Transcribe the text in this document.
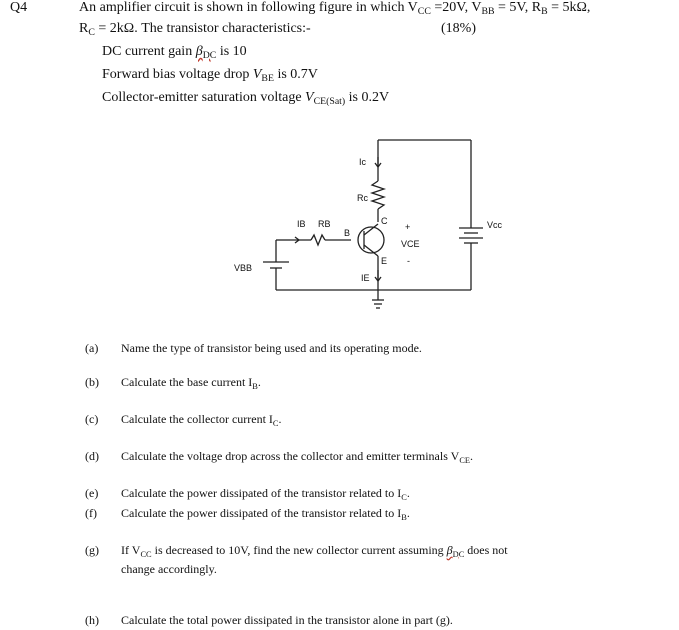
Q4	An amplifier circuit is shown in following figure in which $V_{CC} =20V$, $V_{BB} = 5V$, $R_B = 5k\Omega$,
$R_C = 2k\Omega$. The transistor characteristics:-	(18%)
DC current gain $\beta_{DC}$ is 10
Forward bias voltage drop $V_{BE}$ is 0.7V
Collector-emitter saturation voltage $V_{CE(Sat)}$ is 0.2V
Ic
Rc
IB RB
B
C
E
+
VCE
-
Vcc
VBB
IE
(a) Name the type of transistor being used and its operating mode.
(b) Calculate the base current $I_B$.
(c) Calculate the collector current $I_C$.
(d) Calculate the voltage drop across the collector and emitter terminals $V_{CE}$.
(e) Calculate the power dissipated of the transistor related to $I_C$.
(f) Calculate the power dissipated of the transistor related to $I_B$.
(g) If $V_{CC}$ is decreased to 10V, find the new collector current assuming $\beta_{DC}$ does not
change accordingly.
(h) Calculate the total power dissipated in the transistor alone in part (g).
